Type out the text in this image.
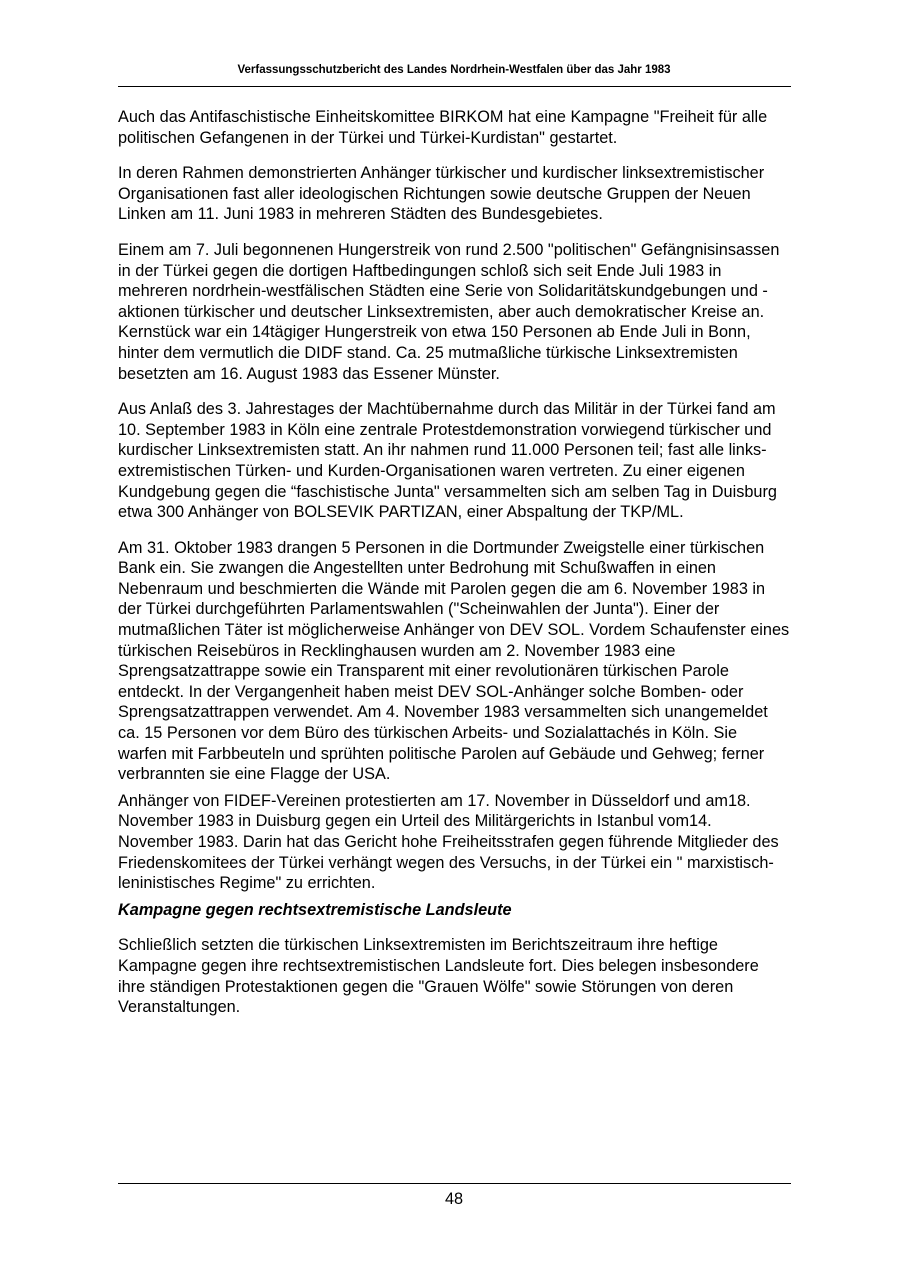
Verfassungsschutzbericht des Landes Nordrhein-Westfalen über das Jahr 1983

Auch das Antifaschistische Einheitskomittee BIRKOM hat eine Kampagne "Freiheit für alle politischen Gefangenen in der Türkei und Türkei-Kurdistan" gestartet.

In deren Rahmen demonstrierten Anhänger türkischer und kurdischer linksextremistischer Organisationen fast aller ideologischen Richtungen sowie deutsche Gruppen der Neuen Linken am 11. Juni 1983 in mehreren Städten des Bundesgebietes.

Einem am 7. Juli begonnenen Hungerstreik von rund 2.500 "politischen" Gefängnisinsassen in der Türkei gegen die dortigen Haftbedingungen schloß sich seit Ende Juli 1983 in mehreren nordrhein-westfälischen Städten eine Serie von Solidaritätskundgebungen und -aktionen türkischer und deutscher Linksextremisten, aber auch demokratischer Kreise an. Kernstück war ein 14tägiger Hungerstreik von etwa 150 Personen ab Ende Juli in Bonn, hinter dem vermutlich die DIDF stand. Ca. 25 mutmaßliche türkische Linksextremisten besetzten am 16. August 1983 das Essener Münster.

Aus Anlaß des 3. Jahrestages der Machtübernahme durch das Militär in der Türkei fand am 10. September 1983 in Köln eine zentrale Protestdemonstration vorwiegend türkischer und kurdischer Linksextremisten statt. An ihr nahmen rund 11.000 Personen teil; fast alle links-extremistischen Türken- und Kurden-Organisationen waren vertreten. Zu einer eigenen Kundgebung gegen die “faschistische Junta" versammelten sich am selben Tag in Duisburg etwa 300 Anhänger von BOLSEVIK PARTIZAN, einer Abspaltung der TKP/ML.

Am 31. Oktober 1983 drangen 5 Personen in die Dortmunder Zweigstelle einer türkischen Bank ein. Sie zwangen die Angestellten unter Bedrohung mit Schußwaffen in einen Nebenraum und beschmierten die Wände mit Parolen gegen die am 6. November 1983 in der Türkei durchgeführten Parlamentswahlen ("Scheinwahlen der Junta"). Einer der mutmaßlichen Täter ist möglicherweise Anhänger von DEV SOL. Vordem Schaufenster eines türkischen Reisebüros in Recklinghausen wurden am 2. November 1983 eine Sprengsatzattrappe sowie ein Transparent mit einer revolutionären türkischen Parole entdeckt. In der Vergangenheit haben meist DEV SOL-Anhänger solche Bomben- oder Sprengsatzattrappen verwendet. Am 4. November 1983 versammelten sich unangemeldet ca. 15 Personen vor dem Büro des türkischen Arbeits- und Sozialattachés in Köln. Sie warfen mit Farbbeuteln und sprühten politische Parolen auf Gebäude und Gehweg; ferner verbrannten sie eine Flagge der USA.

Anhänger von FIDEF-Vereinen protestierten am 17. November in Düsseldorf und am18. November 1983 in Duisburg gegen ein Urteil des Militärgerichts in Istanbul vom14. November 1983. Darin hat das Gericht hohe Freiheitsstrafen gegen führende Mitglieder des Friedenskomitees der Türkei verhängt wegen des Versuchs, in der Türkei ein " marxistisch-leninistisches Regime" zu errichten.

Kampagne gegen rechtsextremistische Landsleute

Schließlich setzten die türkischen Linksextremisten im Berichtszeitraum ihre heftige Kampagne gegen ihre rechtsextremistischen Landsleute fort. Dies belegen insbesondere ihre ständigen Protestaktionen gegen die "Grauen Wölfe" sowie Störungen von deren Veranstaltungen.

48
